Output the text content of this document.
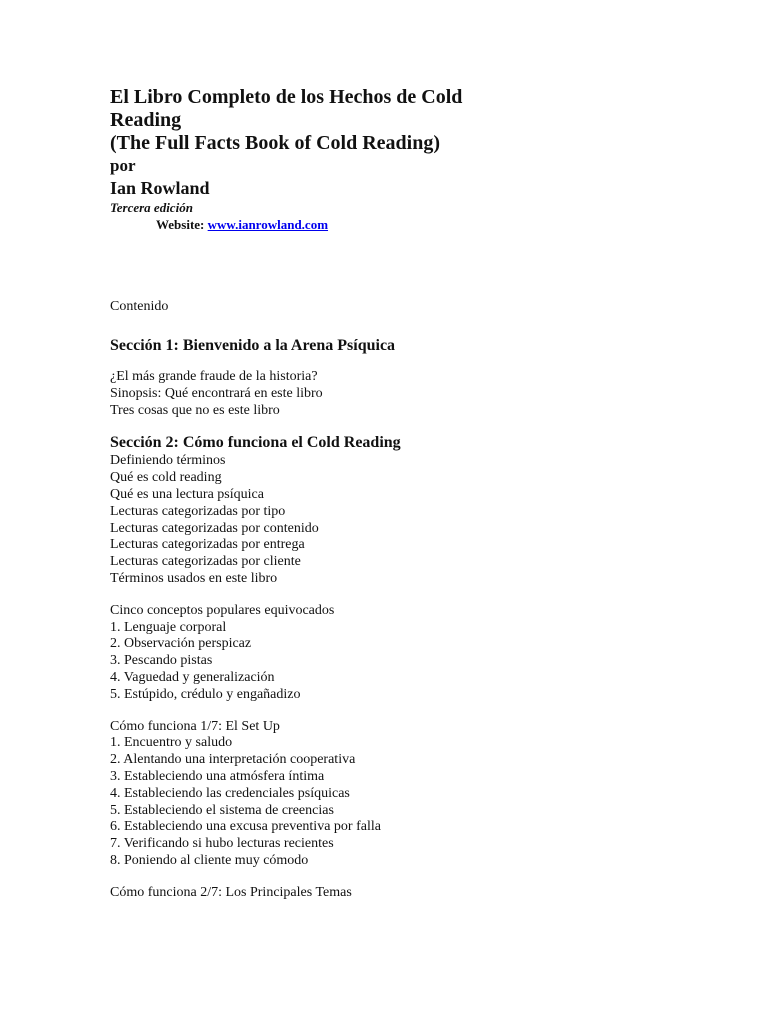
El Libro Completo de los Hechos de Cold
Reading
(The Full Facts Book of Cold Reading)
por
Ian Rowland
Tercera edición
Website: www.ianrowland.com
Contenido
Sección 1: Bienvenido a la Arena Psíquica
¿El más grande fraude de la historia?
Sinopsis: Qué encontrará en este libro
Tres cosas que no es este libro
Sección 2: Cómo funciona el Cold Reading
Definiendo términos
Qué es cold reading
Qué es una lectura psíquica
Lecturas categorizadas por tipo
Lecturas categorizadas por contenido
Lecturas categorizadas por entrega
Lecturas categorizadas por cliente
Términos usados en este libro
Cinco conceptos populares equivocados
1. Lenguaje corporal
2. Observación perspicaz
3. Pescando pistas
4. Vaguedad y generalización
5. Estúpido, crédulo y engañadizo
Cómo funciona 1/7: El Set Up
1. Encuentro y saludo
2. Alentando una interpretación cooperativa
3. Estableciendo una atmósfera íntima
4. Estableciendo las credenciales psíquicas
5. Estableciendo el sistema de creencias
6. Estableciendo una excusa preventiva por falla
7. Verificando si hubo lecturas recientes
8. Poniendo al cliente muy cómodo
Cómo funciona 2/7: Los Principales Temas
